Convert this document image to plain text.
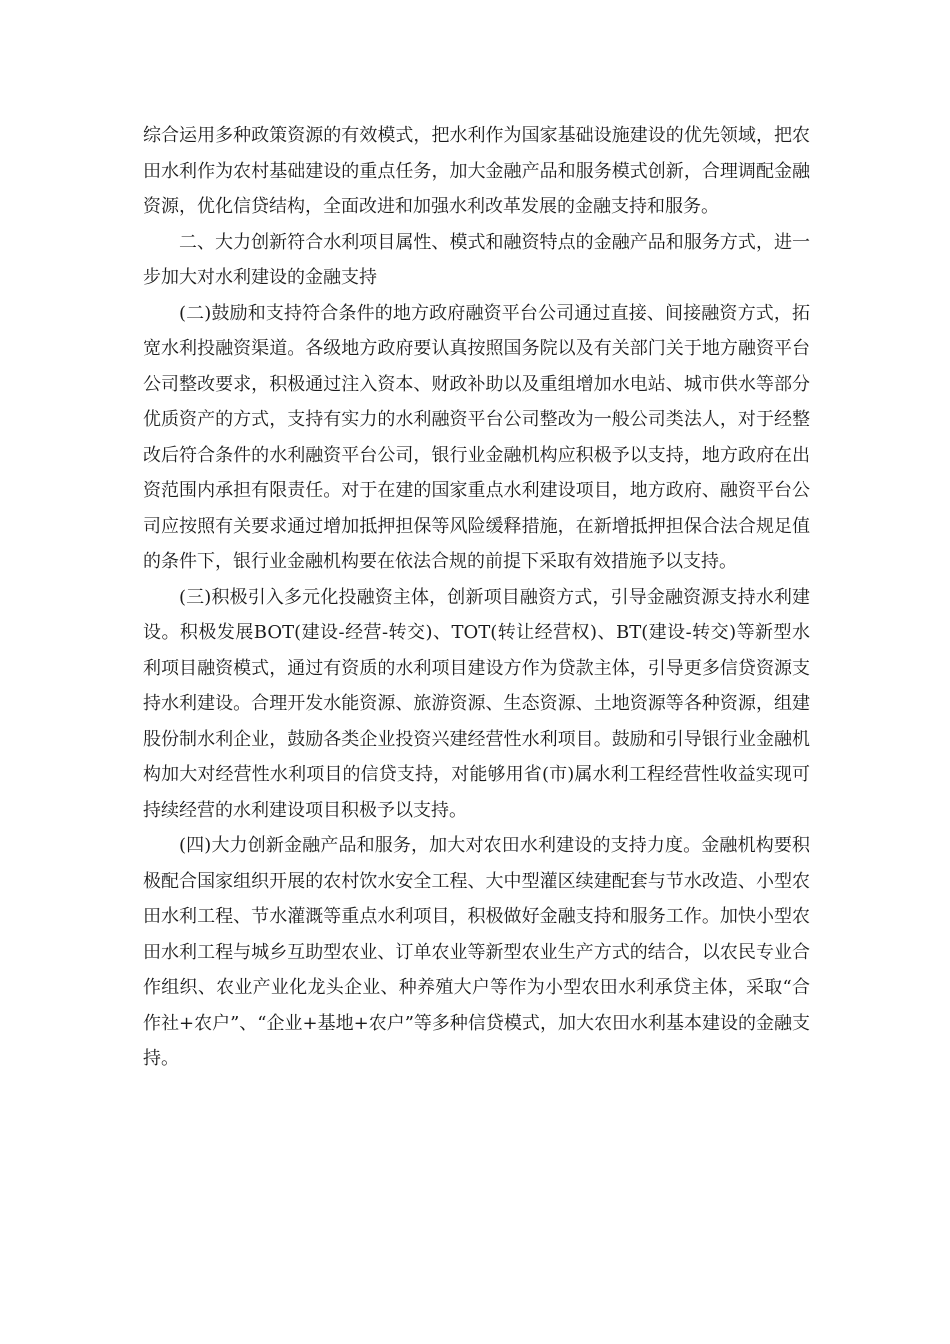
综合运用多种政策资源的有效模式，把水利作为国家基础设施建设的优先领域，把农田水利作为农村基础建设的重点任务，加大金融产品和服务模式创新，合理调配金融资源，优化信贷结构，全面改进和加强水利改革发展的金融支持和服务。

二、大力创新符合水利项目属性、模式和融资特点的金融产品和服务方式，进一步加大对水利建设的金融支持

(二)鼓励和支持符合条件的地方政府融资平台公司通过直接、间接融资方式，拓宽水利投融资渠道。各级地方政府要认真按照国务院以及有关部门关于地方融资平台公司整改要求，积极通过注入资本、财政补助以及重组增加水电站、城市供水等部分优质资产的方式，支持有实力的水利融资平台公司整改为一般公司类法人，对于经整改后符合条件的水利融资平台公司，银行业金融机构应积极予以支持，地方政府在出资范围内承担有限责任。对于在建的国家重点水利建设项目，地方政府、融资平台公司应按照有关要求通过增加抵押担保等风险缓释措施，在新增抵押担保合法合规足值的条件下，银行业金融机构要在依法合规的前提下采取有效措施予以支持。

(三)积极引入多元化投融资主体，创新项目融资方式，引导金融资源支持水利建设。积极发展BOT(建设-经营-转交)、TOT(转让经营权)、BT(建设-转交)等新型水利项目融资模式，通过有资质的水利项目建设方作为贷款主体，引导更多信贷资源支持水利建设。合理开发水能资源、旅游资源、生态资源、土地资源等各种资源，组建股份制水利企业，鼓励各类企业投资兴建经营性水利项目。鼓励和引导银行业金融机构加大对经营性水利项目的信贷支持，对能够用省(市)属水利工程经营性收益实现可持续经营的水利建设项目积极予以支持。

(四)大力创新金融产品和服务，加大对农田水利建设的支持力度。金融机构要积极配合国家组织开展的农村饮水安全工程、大中型灌区续建配套与节水改造、小型农田水利工程、节水灌溉等重点水利项目，积极做好金融支持和服务工作。加快小型农田水利工程与城乡互助型农业、订单农业等新型农业生产方式的结合，以农民专业合作组织、农业产业化龙头企业、种养殖大户等作为小型农田水利承贷主体，采取“合作社+农户”、“企业+基地+农户”等多种信贷模式，加大农田水利基本建设的金融支持。
